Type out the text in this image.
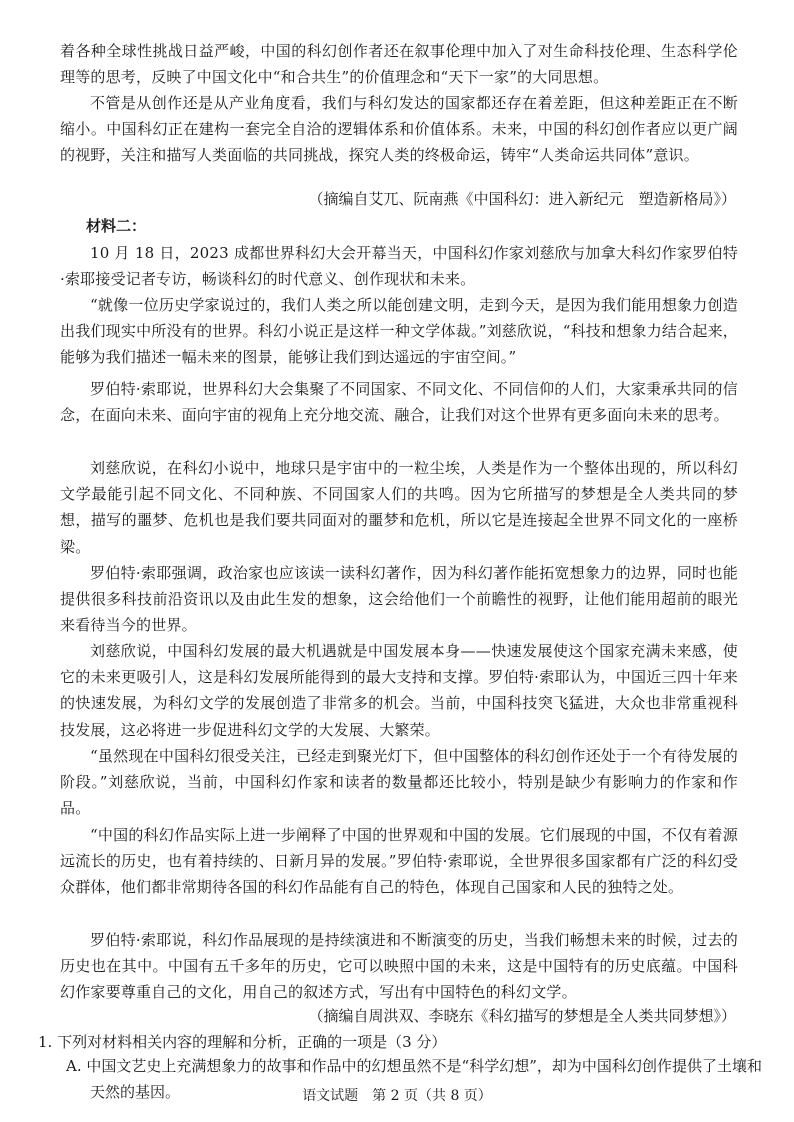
着各种全球性挑战日益严峻，中国的科幻创作者还在叙事伦理中加入了对生命科技伦理、生态科学伦理等的思考，反映了中国文化中“和合共生”的价值理念和“天下一家”的大同思想。

不管是从创作还是从产业角度看，我们与科幻发达的国家都还存在着差距，但这种差距正在不断缩小。中国科幻正在建构一套完全自洽的逻辑体系和价值体系。未来，中国的科幻创作者应以更广阔的视野，关注和描写人类面临的共同挑战，探究人类的终极命运，铸牢“人类命运共同体”意识。

（摘编自艾兀、阮南燕《中国科幻：进入新纪元　塑造新格局》）

材料二：

10 月 18 日，2023 成都世界科幻大会开幕当天，中国科幻作家刘慈欣与加拿大科幻作家罗伯特·索耶接受记者专访，畅谈科幻的时代意义、创作现状和未来。

“就像一位历史学家说过的，我们人类之所以能创建文明，走到今天，是因为我们能用想象力创造出我们现实中所没有的世界。科幻小说正是这样一种文学体裁。”刘慈欣说，“科技和想象力结合起来，能够为我们描述一幅未来的图景，能够让我们到达遥远的宇宙空间。”

罗伯特·索耶说，世界科幻大会集聚了不同国家、不同文化、不同信仰的人们，大家秉承共同的信念，在面向未来、面向宇宙的视角上充分地交流、融合，让我们对这个世界有更多面向未来的思考。

刘慈欣说，在科幻小说中，地球只是宇宙中的一粒尘埃，人类是作为一个整体出现的，所以科幻文学最能引起不同文化、不同种族、不同国家人们的共鸣。因为它所描写的梦想是全人类共同的梦想，描写的噩梦、危机也是我们要共同面对的噩梦和危机，所以它是连接起全世界不同文化的一座桥梁。

罗伯特·索耶强调，政治家也应该读一读科幻著作，因为科幻著作能拓宽想象力的边界，同时也能提供很多科技前沿资讯以及由此生发的想象，这会给他们一个前瞻性的视野，让他们能用超前的眼光来看待当今的世界。

刘慈欣说，中国科幻发展的最大机遇就是中国发展本身——快速发展使这个国家充满未来感，使它的未来更吸引人，这是科幻发展所能得到的最大支持和支撑。罗伯特·索耶认为，中国近三四十年来的快速发展，为科幻文学的发展创造了非常多的机会。当前，中国科技突飞猛进，大众也非常重视科技发展，这必将进一步促进科幻文学的大发展、大繁荣。

“虽然现在中国科幻很受关注，已经走到聚光灯下，但中国整体的科幻创作还处于一个有待发展的阶段。”刘慈欣说，当前，中国科幻作家和读者的数量都还比较小，特别是缺少有影响力的作家和作品。

“中国的科幻作品实际上进一步阐释了中国的世界观和中国的发展。它们展现的中国，不仅有着源远流长的历史，也有着持续的、日新月异的发展。”罗伯特·索耶说，全世界很多国家都有广泛的科幻受众群体，他们都非常期待各国的科幻作品能有自己的特色，体现自己国家和人民的独特之处。

罗伯特·索耶说，科幻作品展现的是持续演进和不断演变的历史，当我们畅想未来的时候，过去的历史也在其中。中国有五千多年的历史，它可以映照中国的未来，这是中国特有的历史底蕴。中国科幻作家要尊重自己的文化，用自己的叙述方式，写出有中国特色的科幻文学。

（摘编自周洪双、李晓东《科幻描写的梦想是全人类共同梦想》）

1. 下列对材料相关内容的理解和分析，正确的一项是（3 分）

A. 中国文艺史上充满想象力的故事和作品中的幻想虽然不是“科学幻想”，却为中国科幻创作提供了土壤和天然的基因。	语文试题　第 2 页（共 8 页）
